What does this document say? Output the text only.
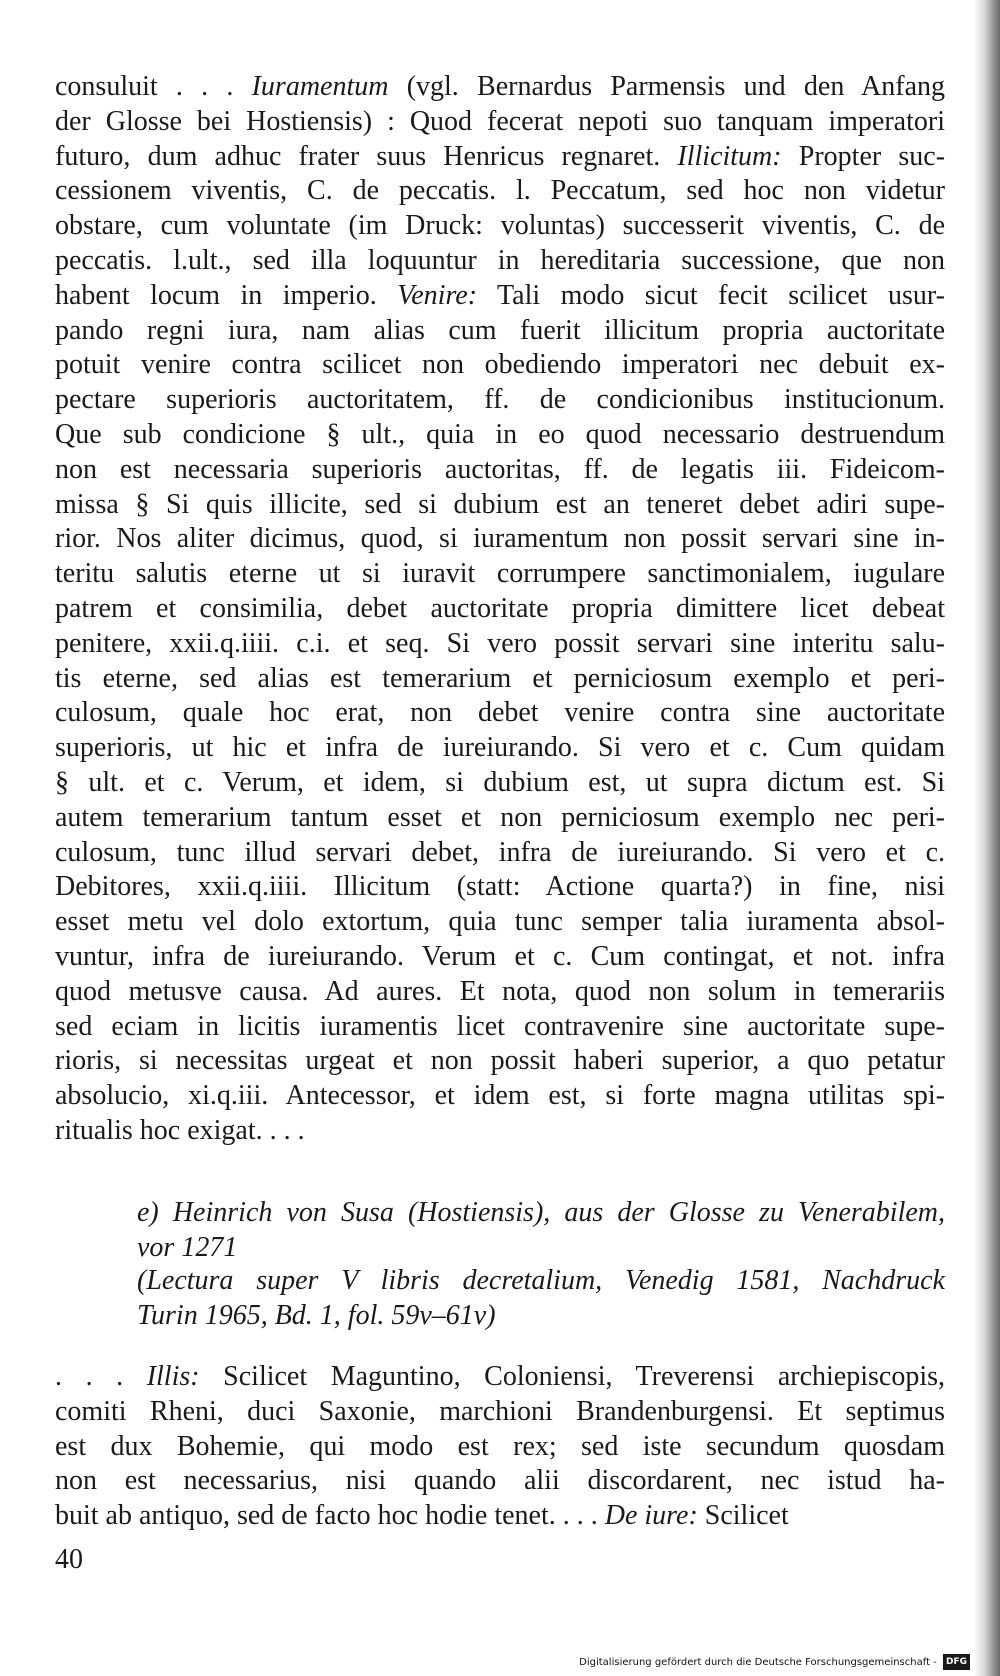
consuluit . . . Iuramentum (vgl. Bernardus Parmensis und den Anfang
der Glosse bei Hostiensis) : Quod fecerat nepoti suo tanquam imperatori
futuro, dum adhuc frater suus Henricus regnaret. Illicitum: Propter suc-
cessionem viventis, C. de peccatis. l. Peccatum, sed hoc non videtur
obstare, cum voluntate (im Druck: voluntas) successerit viventis, C. de
peccatis. l.ult., sed illa loquuntur in hereditaria successione, que non
habent locum in imperio. Venire: Tali modo sicut fecit scilicet usur-
pando regni iura, nam alias cum fuerit illicitum propria auctoritate
potuit venire contra scilicet non obediendo imperatori nec debuit ex-
pectare superioris auctoritatem, ff. de condicionibus institucionum.
Que sub condicione § ult., quia in eo quod necessario destruendum
non est necessaria superioris auctoritas, ff. de legatis iii. Fideicom-
missa § Si quis illicite, sed si dubium est an teneret debet adiri supe-
rior. Nos aliter dicimus, quod, si iuramentum non possit servari sine in-
teritu salutis eterne ut si iuravit corrumpere sanctimonialem, iugulare
patrem et consimilia, debet auctoritate propria dimittere licet debeat
penitere, xxii.q.iiii. c.i. et seq. Si vero possit servari sine interitu salu-
tis eterne, sed alias est temerarium et perniciosum exemplo et peri-
culosum, quale hoc erat, non debet venire contra sine auctoritate
superioris, ut hic et infra de iureiurando. Si vero et c. Cum quidam
§ ult. et c. Verum, et idem, si dubium est, ut supra dictum est. Si
autem temerarium tantum esset et non perniciosum exemplo nec peri-
culosum, tunc illud servari debet, infra de iureiurando. Si vero et c.
Debitores, xxii.q.iiii. Illicitum (statt: Actione quarta?) in fine, nisi
esset metu vel dolo extortum, quia tunc semper talia iuramenta absol-
vuntur, infra de iureiurando. Verum et c. Cum contingat, et not. infra
quod metusve causa. Ad aures. Et nota, quod non solum in temerariis
sed eciam in licitis iuramentis licet contravenire sine auctoritate supe-
rioris, si necessitas urgeat et non possit haberi superior, a quo petatur
absolucio, xi.q.iii. Antecessor, et idem est, si forte magna utilitas spi-
ritualis hoc exigat. . . .
e) Heinrich von Susa (Hostiensis), aus der Glosse zu Venerabilem,
vor 1271
(Lectura super V libris decretalium, Venedig 1581, Nachdruck
Turin 1965, Bd. 1, fol. 59v–61v)
. . . Illis: Scilicet Maguntino, Coloniensi, Treverensi archiepiscopis,
comiti Rheni, duci Saxonie, marchioni Brandenburgensi. Et septimus
est dux Bohemie, qui modo est rex; sed iste secundum quosdam
non est necessarius, nisi quando alii discordarent, nec istud ha-
buit ab antiquo, sed de facto hoc hodie tenet. . . . De iure: Scilicet
40
Digitalisierung gefördert durch die Deutsche Forschungsgemeinschaft - DFG
